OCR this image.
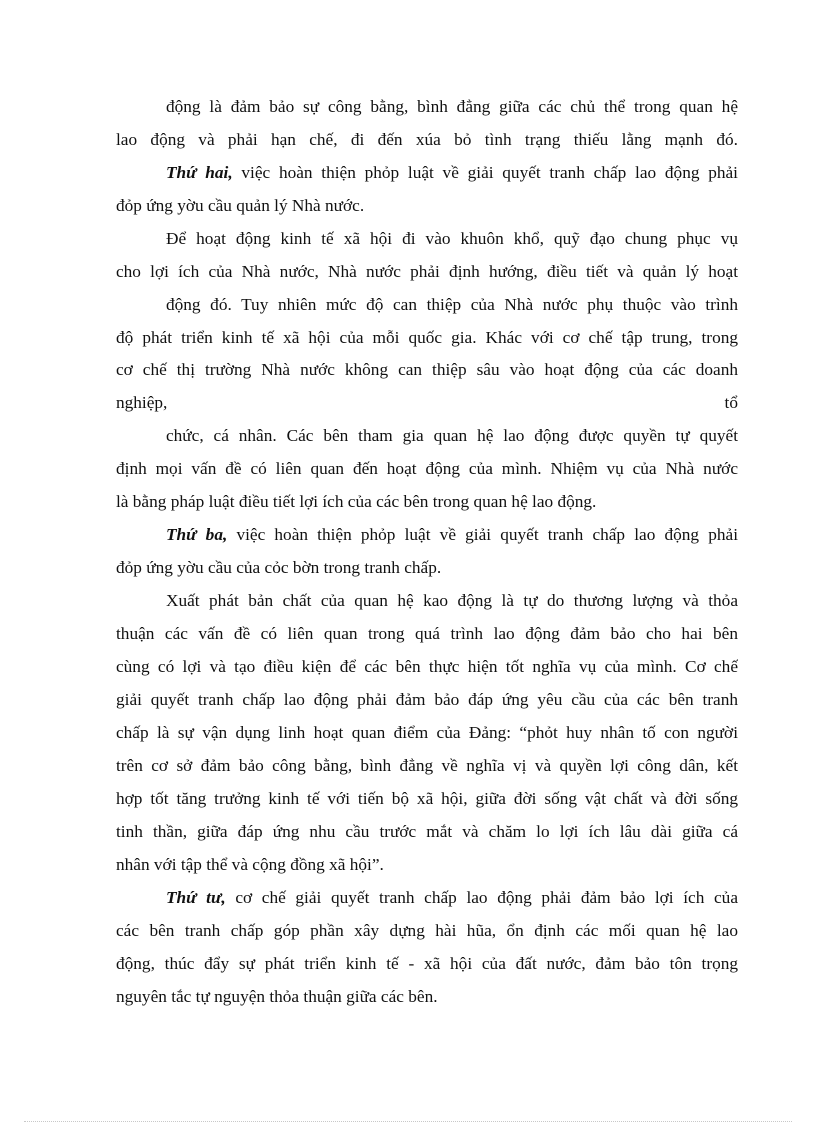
động là đảm bảo sự công bằng, bình đẳng giữa các chủ thể trong quan hệ
lao động và phải hạn chế, đi đến xúa bỏ tình trạng thiếu lằng mạnh đó.
Thứ hai, việc hoàn thiện phỏp luật về giải quyết tranh chấp lao động phải
đỏp ứng yờu cầu quản lý Nhà nước.
Để hoạt động kinh tế xã hội đi vào khuôn khổ, quỹ đạo chung phục vụ
cho lợi ích của Nhà nước, Nhà nước phải định hướng, điều tiết và quản lý hoạt
động đó. Tuy nhiên mức độ can thiệp của Nhà nước phụ thuộc vào trình
độ phát triển kinh tế xã hội của mỗi quốc gia. Khác với cơ chế tập trung, trong
cơ chế thị trường Nhà nước không can thiệp sâu vào hoạt động của các doanh
nghiệp,	tổ
chức, cá nhân. Các bên tham gia quan hệ lao động được quyền tự quyết
định mọi vấn đề có liên quan đến hoạt động của mình. Nhiệm vụ của Nhà nước
là bằng pháp luật điều tiết lợi ích của các bên trong quan hệ lao động.
Thứ ba, việc hoàn thiện phỏp luật về giải quyết tranh chấp lao động phải
đỏp ứng yờu cầu của cỏc bờn trong tranh chấp.
Xuất phát bản chất của quan hệ kao động là tự do thương lượng và thỏa
thuận các vấn đề có liên quan trong quá trình lao động đảm bảo cho hai bên
cùng có lợi và tạo điều kiện để các bên thực hiện tốt nghĩa vụ của mình. Cơ chế
giải quyết tranh chấp lao động phải đảm bảo đáp ứng yêu cầu của các bên tranh
chấp là sự vận dụng linh hoạt quan điểm của Đảng: “phỏt huy nhân tố con người
trên cơ sở đảm bảo công bằng, bình đẳng về nghĩa vị và quyền lợi công dân, kết
hợp tốt tăng trưởng kinh tế với tiến bộ xã hội, giữa đời sống vật chất và đời sống
tinh thần, giữa đáp ứng nhu cầu trước mắt và chăm lo lợi ích lâu dài giữa cá
nhân với tập thể và cộng đồng xã hội”.
Thứ tư, cơ chế giải quyết tranh chấp lao động phải đảm bảo lợi ích của
các bên tranh chấp góp phần xây dựng hài hũa, ổn định các mối quan hệ lao
động, thúc đẩy sự phát triển kinh tế - xã hội của đất nước, đảm bảo tôn trọng
nguyên tắc tự nguyện thỏa thuận giữa các bên.
